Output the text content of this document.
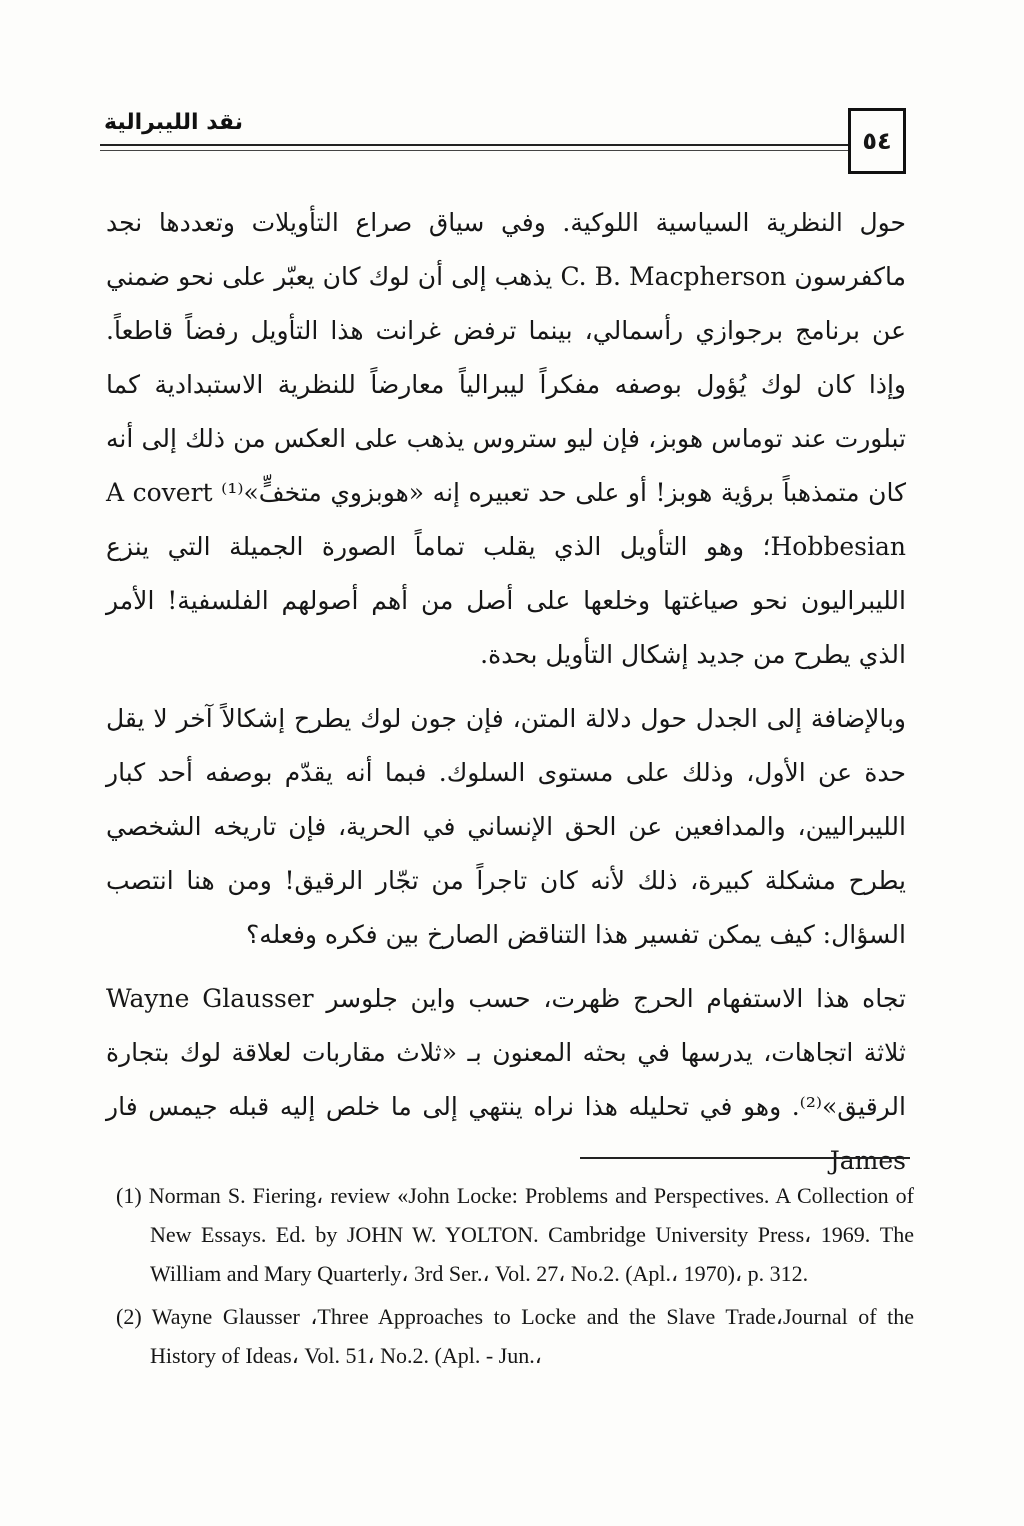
نقد الليبرالية
٥٤

حول النظرية السياسية اللوكية. وفي سياق صراع التأويلات وتعددها نجد ماكفرسون C. B. Macpherson يذهب إلى أن لوك كان يعبّر على نحو ضمني عن برنامج برجوازي رأسمالي، بينما ترفض غرانت هذا التأويل رفضاً قاطعاً. وإذا كان لوك يُؤول بوصفه مفكراً ليبرالياً معارضاً للنظرية الاستبدادية كما تبلورت عند توماس هوبز، فإن ليو ستروس يذهب على العكس من ذلك إلى أنه كان متمذهباً برؤية هوبز! أو على حد تعبيره إنه «هوبزوي متخفٍّ»⁽¹⁾ A covert Hobbesian؛ وهو التأويل الذي يقلب تماماً الصورة الجميلة التي ينزع الليبراليون نحو صياغتها وخلعها على أصل من أهم أصولهم الفلسفية! الأمر الذي يطرح من جديد إشكال التأويل بحدة.

وبالإضافة إلى الجدل حول دلالة المتن، فإن جون لوك يطرح إشكالاً آخر لا يقل حدة عن الأول، وذلك على مستوى السلوك. فبما أنه يقدّم بوصفه أحد كبار الليبراليين، والمدافعين عن الحق الإنساني في الحرية، فإن تاريخه الشخصي يطرح مشكلة كبيرة، ذلك لأنه كان تاجراً من تجّار الرقيق! ومن هنا انتصب السؤال: كيف يمكن تفسير هذا التناقض الصارخ بين فكره وفعله؟

تجاه هذا الاستفهام الحرج ظهرت، حسب واين جلوسر Wayne Glausser ثلاثة اتجاهات، يدرسها في بحثه المعنون بـ «ثلاث مقاربات لعلاقة لوك بتجارة الرقيق»⁽²⁾. وهو في تحليله هذا نراه ينتهي إلى ما خلص إليه قبله جيمس فار James

(1) Norman S. Fiering، review «John Locke: Problems and Perspectives. A Collection of New Essays. Ed. by JOHN W. YOLTON. Cambridge University Press، 1969. The William and Mary Quarterly، 3rd Ser.، Vol. 27، No.2. (Apl.، 1970)، p. 312.

(2) Wayne Glausser ،Three Approaches to Locke and the Slave Trade،Journal of the History of Ideas، Vol. 51، No.2. (Apl. - Jun.،
